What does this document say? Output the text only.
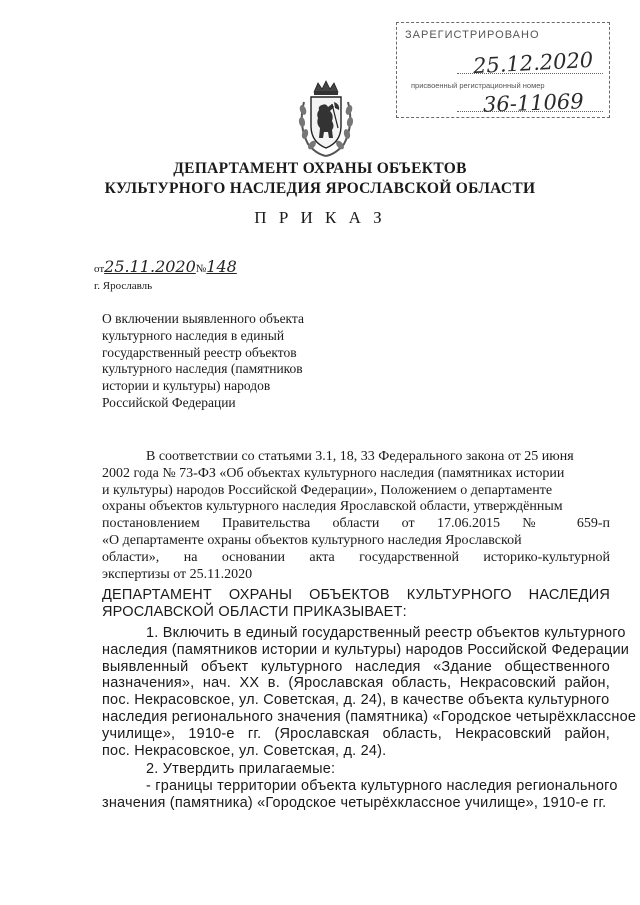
ЗАРЕГИСТРИРОВАНО
25.12.2020
присвоенный регистрационный номер
36-11069
ДЕПАРТАМЕНТ ОХРАНЫ ОБЪЕКТОВ
КУЛЬТУРНОГО НАСЛЕДИЯ ЯРОСЛАВСКОЙ ОБЛАСТИ
П Р И К А З
от25.11.2020№148
г. Ярославль
О включении выявленного объекта
культурного наследия в единый
государственный реестр объектов
культурного наследия (памятников
истории и культуры) народов
Российской Федерации
В соответствии со статьями 3.1, 18, 33 Федерального закона от 25 июня
2002 года № 73-ФЗ «Об объектах культурного наследия (памятниках истории
и культуры) народов Российской Федерации», Положением о департаменте
охраны объектов культурного наследия Ярославской области, утверждённым
постановлением Правительства области от 17.06.2015 № 659-п
«О департаменте охраны объектов культурного наследия Ярославской
области», на основании акта государственной историко-культурной
экспертизы от 25.11.2020
ДЕПАРТАМЕНТ ОХРАНЫ ОБЪЕКТОВ КУЛЬТУРНОГО НАСЛЕДИЯ
ЯРОСЛАВСКОЙ ОБЛАСТИ ПРИКАЗЫВАЕТ:
1. Включить в единый государственный реестр объектов культурного
наследия (памятников истории и культуры) народов Российской Федерации
выявленный объект культурного наследия «Здание общественного
назначения», нач. ХХ в. (Ярославская область, Некрасовский район,
пос. Некрасовское, ул. Советская, д. 24), в качестве объекта культурного
наследия регионального значения (памятника) «Городское четырёхклассное
училище», 1910-е гг. (Ярославская область, Некрасовский район,
пос. Некрасовское, ул. Советская, д. 24).
2. Утвердить прилагаемые:
- границы территории объекта культурного наследия регионального
значения (памятника) «Городское четырёхклассное училище», 1910-е гг.
